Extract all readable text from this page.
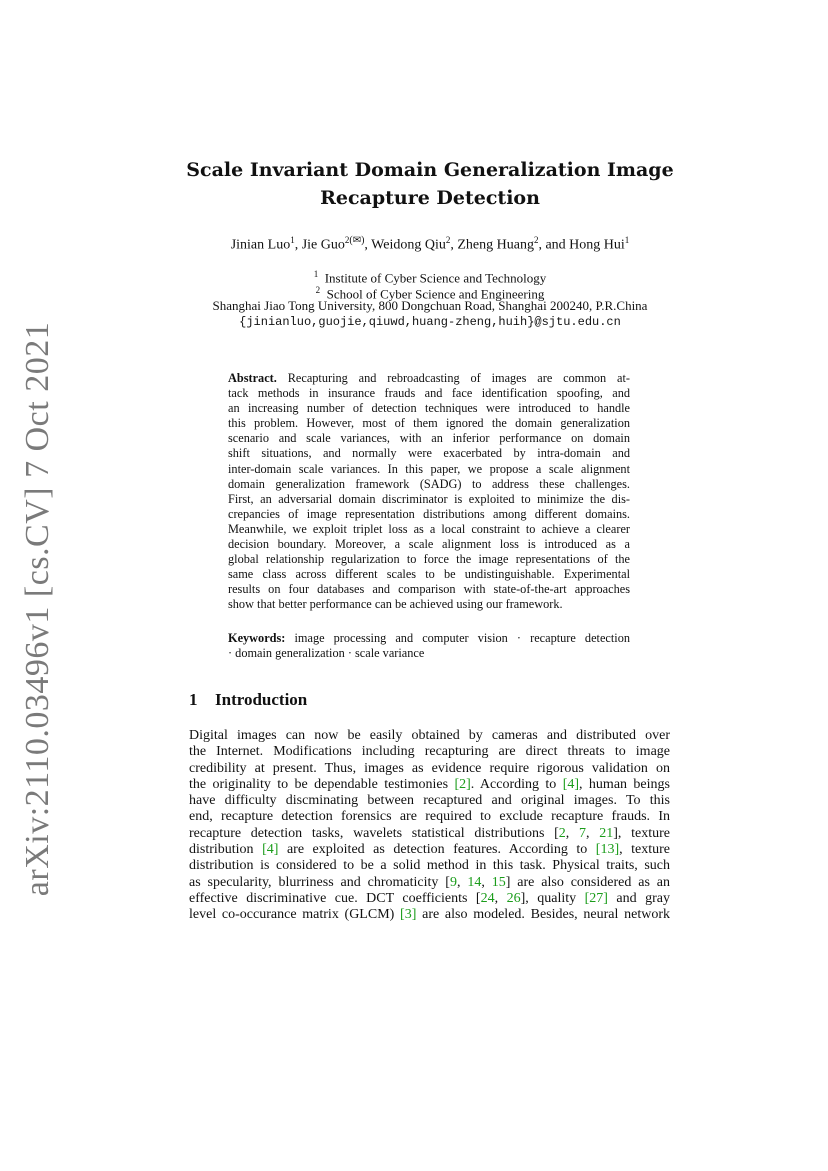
arXiv:2110.03496v1 [cs.CV] 7 Oct 2021
Scale Invariant Domain Generalization Image
Recapture Detection
Jinian Luo$^1$, Jie Guo$^{2(✉)}$, Weidong Qiu$^2$, Zheng Huang$^2$, and Hong Hui$^1$
$^1$ Institute of Cyber Science and Technology
$^2$ School of Cyber Science and Engineering
Shanghai Jiao Tong University, 800 Dongchuan Road, Shanghai 200240, P.R.China
{jinianluo,guojie,qiuwd,huang-zheng,huih}@sjtu.edu.cn
Abstract. Recapturing and rebroadcasting of images are common at-
tack methods in insurance frauds and face identification spoofing, and
an increasing number of detection techniques were introduced to handle
this problem. However, most of them ignored the domain generalization
scenario and scale variances, with an inferior performance on domain
shift situations, and normally were exacerbated by intra-domain and
inter-domain scale variances. In this paper, we propose a scale alignment
domain generalization framework (SADG) to address these challenges.
First, an adversarial domain discriminator is exploited to minimize the dis-
crepancies of image representation distributions among different domains.
Meanwhile, we exploit triplet loss as a local constraint to achieve a clearer
decision boundary. Moreover, a scale alignment loss is introduced as a
global relationship regularization to force the image representations of the
same class across different scales to be undistinguishable. Experimental
results on four databases and comparison with state-of-the-art approaches
show that better performance can be achieved using our framework.
Keywords: image processing and computer vision · recapture detection
· domain generalization · scale variance
1 Introduction
Digital images can now be easily obtained by cameras and distributed over
the Internet. Modifications including recapturing are direct threats to image
credibility at present. Thus, images as evidence require rigorous validation on
the originality to be dependable testimonies [2]. According to [4], human beings
have difficulty discminating between recaptured and original images. To this
end, recapture detection forensics are required to exclude recapture frauds. In
recapture detection tasks, wavelets statistical distributions [2, 7, 21], texture
distribution [4] are exploited as detection features. According to [13], texture
distribution is considered to be a solid method in this task. Physical traits, such
as specularity, blurriness and chromaticity [9, 14, 15] are also considered as an
effective discriminative cue. DCT coefficients [24, 26], quality [27] and gray
level co-occurance matrix (GLCM) [3] are also modeled. Besides, neural network
